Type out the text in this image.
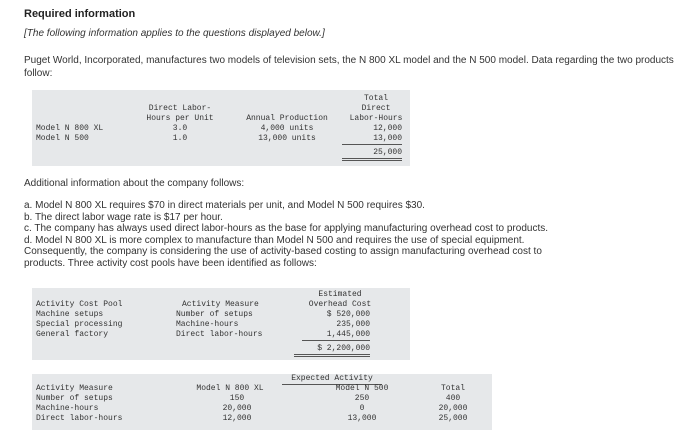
Required information
[The following information applies to the questions displayed below.]
Puget World, Incorporated, manufactures two models of television sets, the N 800 XL model and the N 500 model. Data regarding the two products follow:
Direct Labor-
Hours per Unit	Annual Production
Total
Direct
Labor-Hours
Model N 800 XL	3.0	4,000 units	12,000
Model N 500	1.0	13,000 units	13,000
25,000
Additional information about the company follows:
a. Model N 800 XL requires $70 in direct materials per unit, and Model N 500 requires $30.
b. The direct labor wage rate is $17 per hour.
c. The company has always used direct labor-hours as the base for applying manufacturing overhead cost to products.
d. Model N 800 XL is more complex to manufacture than Model N 500 and requires the use of special equipment.
Consequently, the company is considering the use of activity-based costing to assign manufacturing overhead cost to
products. Three activity cost pools have been identified as follows:
Estimated
Activity Cost Pool	Activity Measure	Overhead Cost
Machine setups	Number of setups	$ 520,000
Special processing	Machine-hours	235,000
General factory	Direct labor-hours	1,445,000
$ 2,200,000
Expected Activity
Activity Measure	Model N 800 XL	Model N 500	Total
Number of setups	150	250	400
Machine-hours	20,000	0	20,000
Direct labor-hours	12,000	13,000	25,000
